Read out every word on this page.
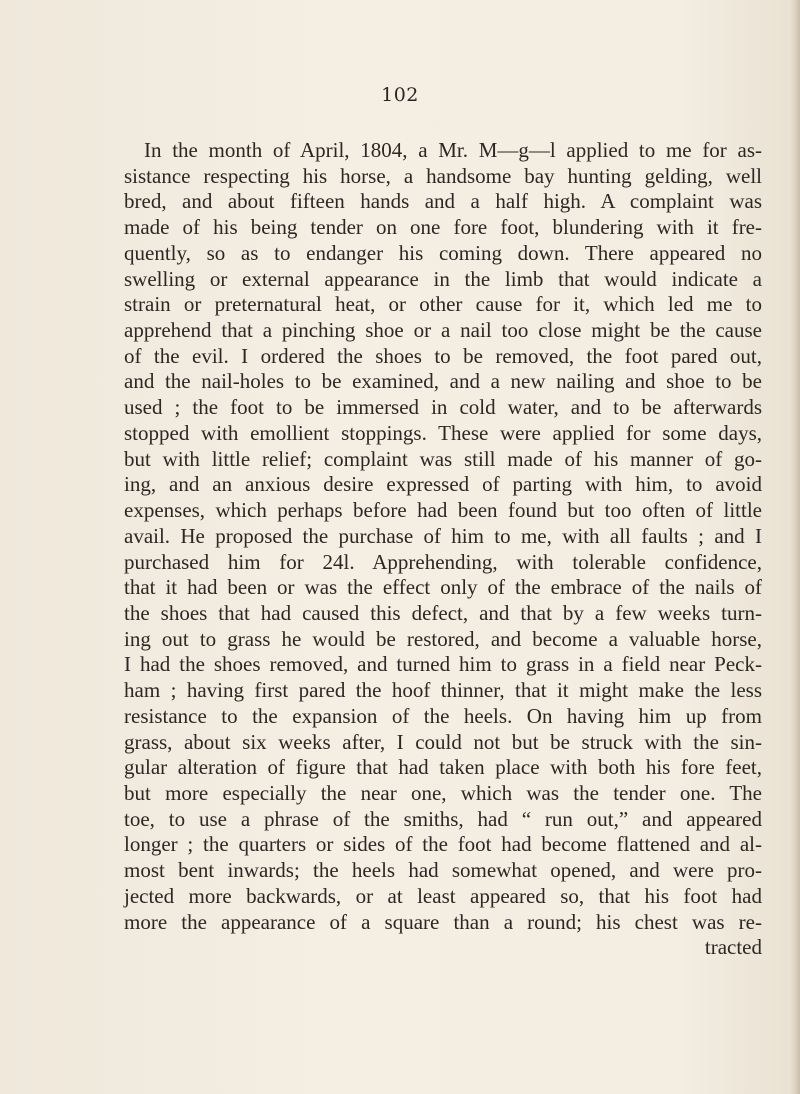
102
In the month of April, 1804, a Mr. M—g—l applied to me for as-
sistance respecting his horse, a handsome bay hunting gelding, well
bred, and about fifteen hands and a half high. A complaint was
made of his being tender on one fore foot, blundering with it fre-
quently, so as to endanger his coming down. There appeared no
swelling or external appearance in the limb that would indicate a
strain or preternatural heat, or other cause for it, which led me to
apprehend that a pinching shoe or a nail too close might be the cause
of the evil. I ordered the shoes to be removed, the foot pared out,
and the nail-holes to be examined, and a new nailing and shoe to be
used ; the foot to be immersed in cold water, and to be afterwards
stopped with emollient stoppings. These were applied for some days,
but with little relief; complaint was still made of his manner of go-
ing, and an anxious desire expressed of parting with him, to avoid
expenses, which perhaps before had been found but too often of little
avail. He proposed the purchase of him to me, with all faults ; and I
purchased him for 24l. Apprehending, with tolerable confidence,
that it had been or was the effect only of the embrace of the nails of
the shoes that had caused this defect, and that by a few weeks turn-
ing out to grass he would be restored, and become a valuable horse,
I had the shoes removed, and turned him to grass in a field near Peck-
ham ; having first pared the hoof thinner, that it might make the less
resistance to the expansion of the heels. On having him up from
grass, about six weeks after, I could not but be struck with the sin-
gular alteration of figure that had taken place with both his fore feet,
but more especially the near one, which was the tender one. The
toe, to use a phrase of the smiths, had “ run out,” and appeared
longer ; the quarters or sides of the foot had become flattened and al-
most bent inwards; the heels had somewhat opened, and were pro-
jected more backwards, or at least appeared so, that his foot had
more the appearance of a square than a round; his chest was re-
tracted
